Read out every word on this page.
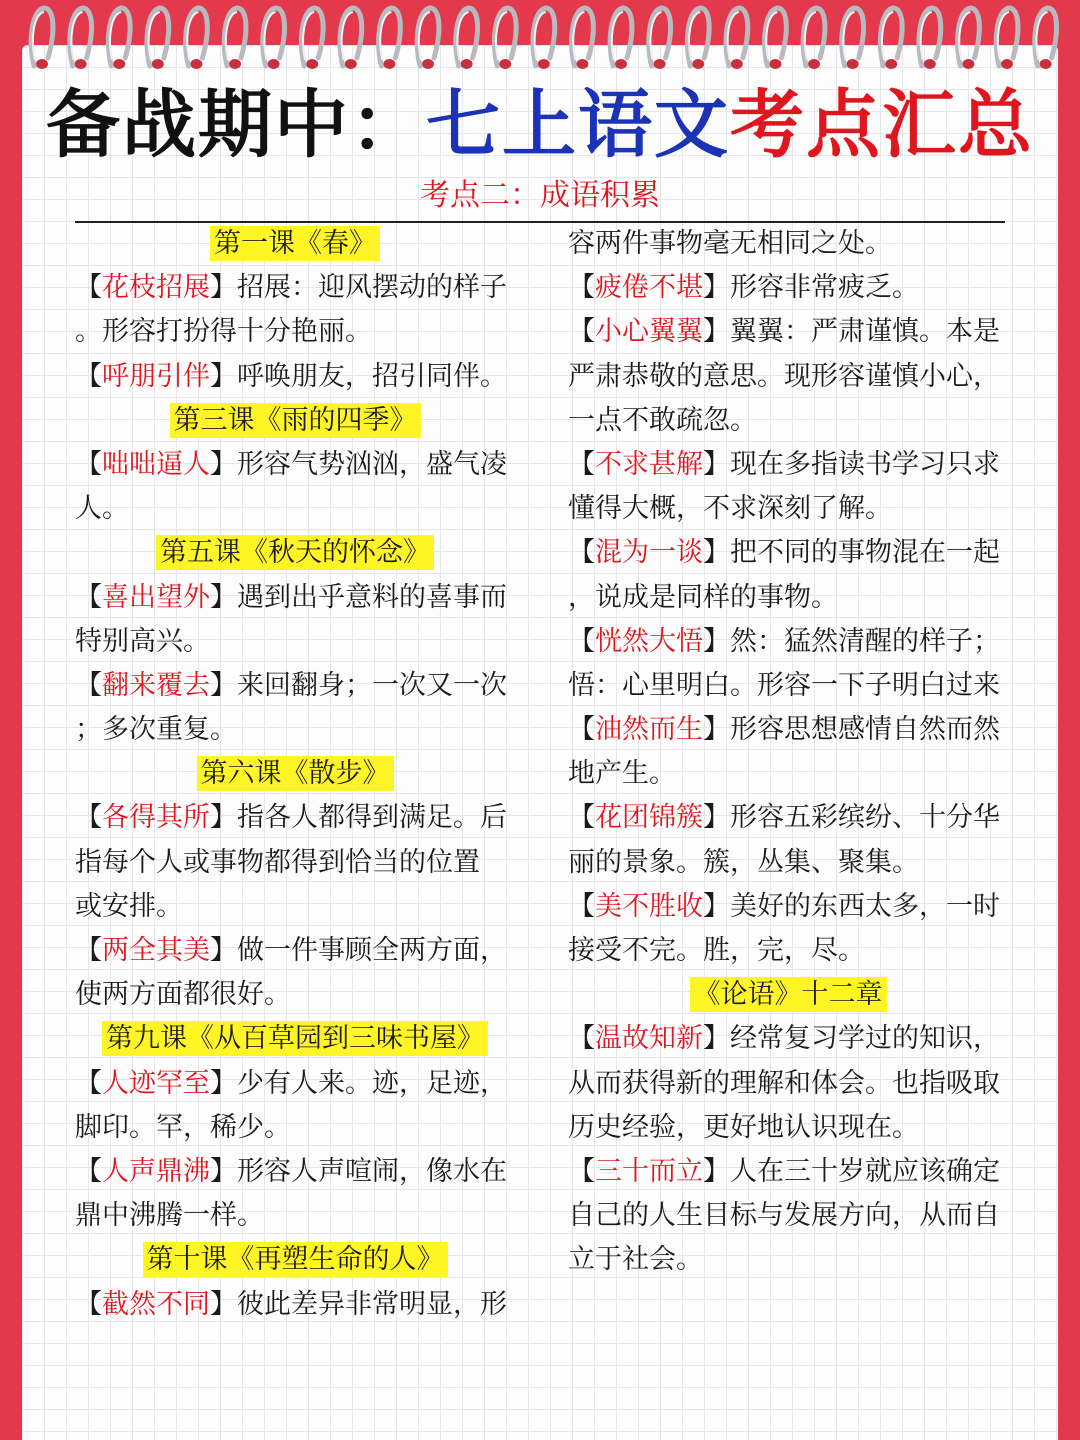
备战期中：七上语文考点汇总
考点二：成语积累
第一课《春》
【花枝招展】招展：迎风摆动的样子
。形容打扮得十分艳丽。
【呼朋引伴】呼唤朋友，招引同伴。
第三课《雨的四季》
【咄咄逼人】形容气势汹汹，盛气凌
人。
第五课《秋天的怀念》
【喜出望外】遇到出乎意料的喜事而
特别高兴。
【翻来覆去】来回翻身；一次又一次
；多次重复。
第六课《散步》
【各得其所】指各人都得到满足。后
指每个人或事物都得到恰当的位置
或安排。
【两全其美】做一件事顾全两方面，
使两方面都很好。
第九课《从百草园到三味书屋》
【人迹罕至】少有人来。迹，足迹，
脚印。罕，稀少。
【人声鼎沸】形容人声喧闹，像水在
鼎中沸腾一样。
第十课《再塑生命的人》
【截然不同】彼此差异非常明显，形
容两件事物毫无相同之处。
【疲倦不堪】形容非常疲乏。
【小心翼翼】翼翼：严肃谨慎。本是
严肃恭敬的意思。现形容谨慎小心，
一点不敢疏忽。
【不求甚解】现在多指读书学习只求
懂得大概，不求深刻了解。
【混为一谈】把不同的事物混在一起
，说成是同样的事物。
【恍然大悟】然：猛然清醒的样子；
悟：心里明白。形容一下子明白过来
【油然而生】形容思想感情自然而然
地产生。
【花团锦簇】形容五彩缤纷、十分华
丽的景象。簇，丛集、聚集。
【美不胜收】美好的东西太多，一时
接受不完。胜，完，尽。
《论语》十二章
【温故知新】经常复习学过的知识，
从而获得新的理解和体会。也指吸取
历史经验，更好地认识现在。
【三十而立】人在三十岁就应该确定
自己的人生目标与发展方向，从而自
立于社会。
